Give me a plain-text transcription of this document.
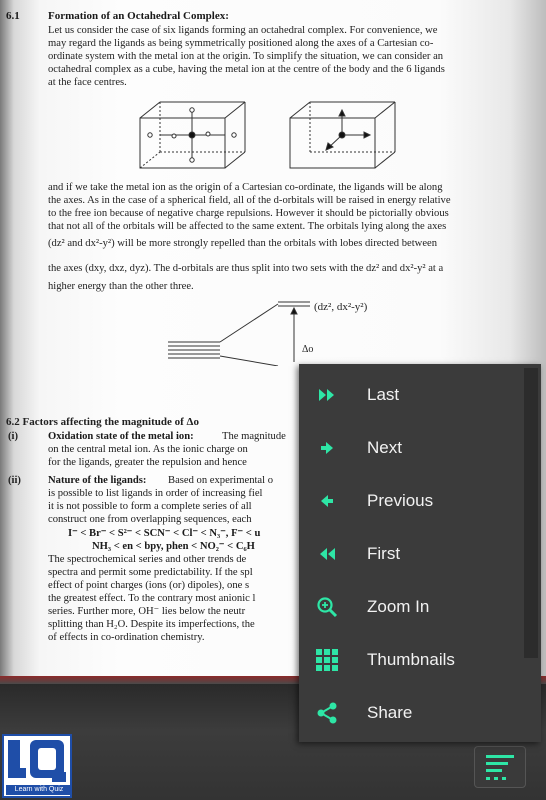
6.1	Formation of an Octahedral Complex:
Let us consider the case of six ligands forming an octahedral complex. For convenience, we
may regard the ligands as being symmetrically positioned along the axes of a Cartesian co-
ordinate system with the metal ion at the origin. To simplify the situation, we can consider an
octahedral complex as a cube, having the metal ion at the centre of the body and the 6 ligands
at the face centres.
and if we take the metal ion as the origin of a Cartesian co-ordinate, the ligands will be along
the axes. As in the case of a spherical field, all of the d-orbitals will be raised in energy relative
to the free ion because of negative charge repulsions. However it should be pictorially obvious
that not all of the orbitals will be affected to the same extent. The orbitals lying along the axes
(dz² and dx²-y²) will be more strongly repelled than the orbitals with lobes directed between
the axes (dxy, dxz, dyz). The d-orbitals are thus split into two sets with the dz² and dx²-y² at a
higher energy than the other three.
(dz², dx²-y²)
Δo
6.2 Factors affecting the magnitude of Δo
(i)	Oxidation state of the metal ion:	The magnitude
on the central metal ion. As the ionic charge on
for the ligands, greater the repulsion and hence
(ii)	Nature of the ligands: Based on experimental o
is possible to list ligands in order of increasing fiel
it is not possible to form a complete series of all
construct one from overlapping sequences, each
I⁻ < Br⁻ < S²⁻ < SCN⁻ < Cl⁻ < N₃⁻, F⁻ < u
NH₃ < en < bpy, phen < NO₂⁻ < C₆H
The spectrochemical series and other trends de
spectra and permit some predictability. If the spl
effect of point charges (ions (or) dipoles), one s
the greatest effect. To the contrary most anionic l
series. Further more, OH⁻ lies below the neutr
splitting than H₂O. Despite its imperfections, the
of effects in co-ordination chemistry.
Learn with Quiz
Last
Next
Previous
First
Zoom In
Thumbnails
Share
